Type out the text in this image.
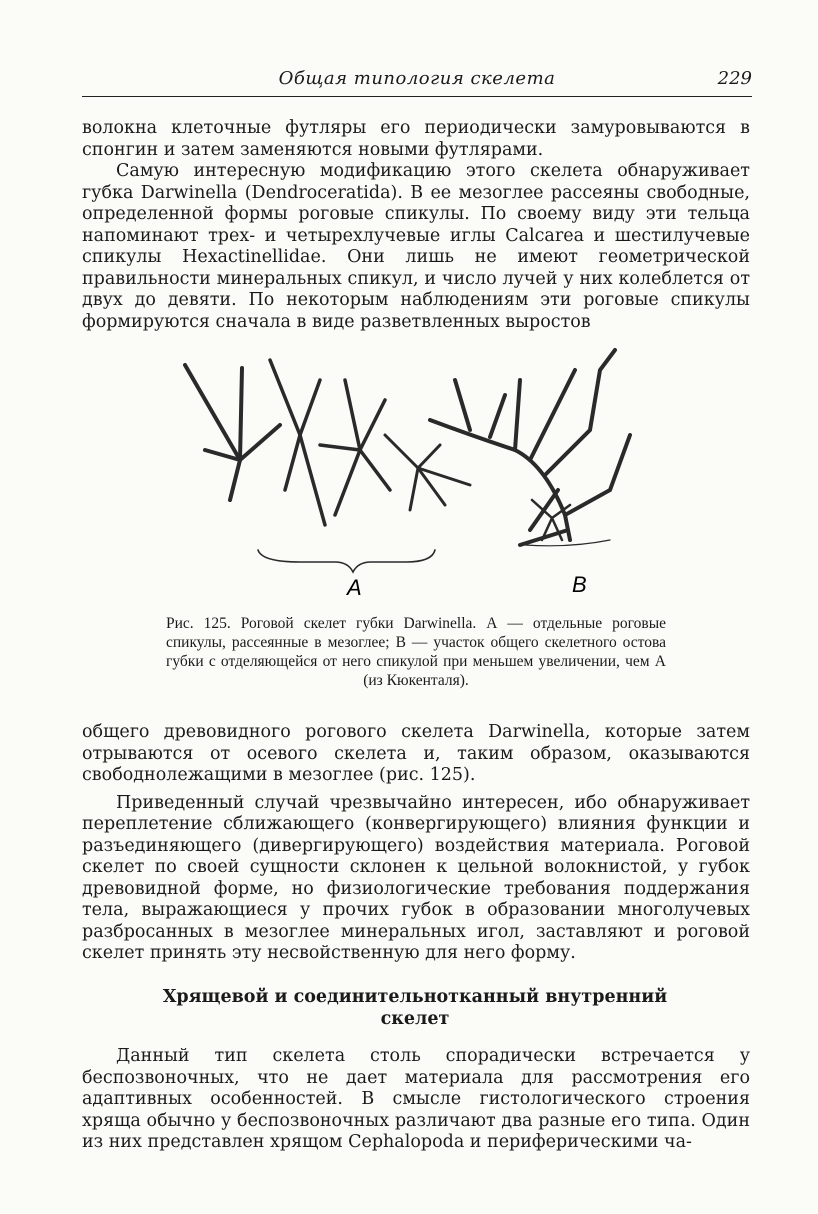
Общая типология скелета	229

волокна клеточные футляры его периодически замуровываются в спонгин и затем заменяются новыми футлярами.

Самую интересную модификацию этого скелета обнаруживает губка Darwinella (Dendroceratida). В ее мезоглее рассеяны свободные, определенной формы роговые спикулы. По своему виду эти тельца напоминают трех- и четырехлучевые иглы Calcarea и шестилучевые спикулы Hexactinellidae. Они лишь не имеют геометрической правильности минеральных спикул, и число лучей у них колеблется от двух до девяти. По некоторым наблюдениям эти роговые спикулы формируются сначала в виде разветвленных выростов

А	В
Рис. 125. Роговой скелет губки Darwinella. А — отдельные роговые спикулы, рассеянные в мезоглее; В — участок общего скелетного остова губки с отделяющейся от него спикулой при меньшем увеличении, чем А (из Кюкенталя).

общего древовидного рогового скелета Darwinella, которые затем отрываются от осевого скелета и, таким образом, оказываются свободнолежащими в мезоглее (рис. 125).

Приведенный случай чрезвычайно интересен, ибо обнаруживает переплетение сближающего (конвергирующего) влияния функции и разъединяющего (дивергирующего) воздействия материала. Роговой скелет по своей сущности склонен к цельной волокнистой, у губок древовидной форме, но физиологические требования поддержания тела, выражающиеся у прочих губок в образовании многолучевых разбросанных в мезоглее минеральных игол, заставляют и роговой скелет принять эту несвойственную для него форму.

Хрящевой и соединительнотканный внутренний скелет

Данный тип скелета столь спорадически встречается у беспозвоночных, что не дает материала для рассмотрения его адаптивных особенностей. В смысле гистологического строения хряща обычно у беспозвоночных различают два разные его типа. Один из них представлен хрящом Cephalopoda и периферическими ча-
